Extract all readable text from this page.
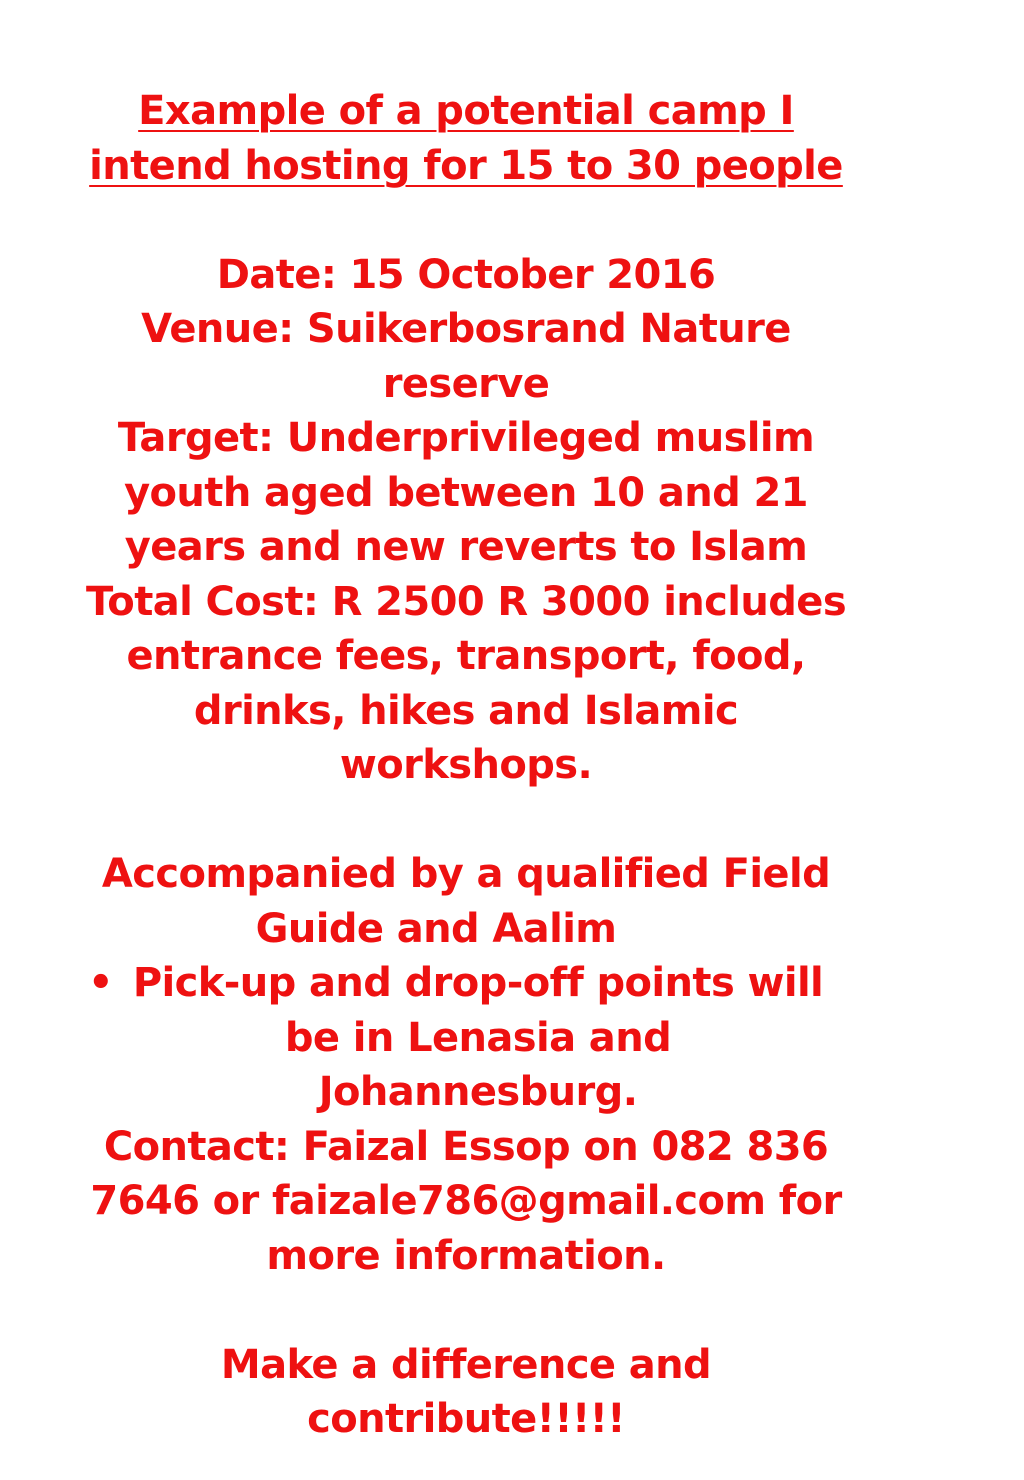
Example of a potential camp I
intend hosting for 15 to 30 people
Date: 15 October 2016
Venue: Suikerbosrand Nature
reserve
Target: Underprivileged muslim
youth aged between 10 and 21
years and new reverts to Islam
Total Cost: R 2500 R 3000 includes
entrance fees, transport, food,
drinks, hikes and Islamic
workshops.
Accompanied by a qualified Field
Guide and Aalim
• Pick-up and drop-off points will
be in Lenasia and
Johannesburg.
Contact: Faizal Essop on 082 836
7646 or faizale786@gmail.com for
more information.
Make a difference and
contribute!!!!!
